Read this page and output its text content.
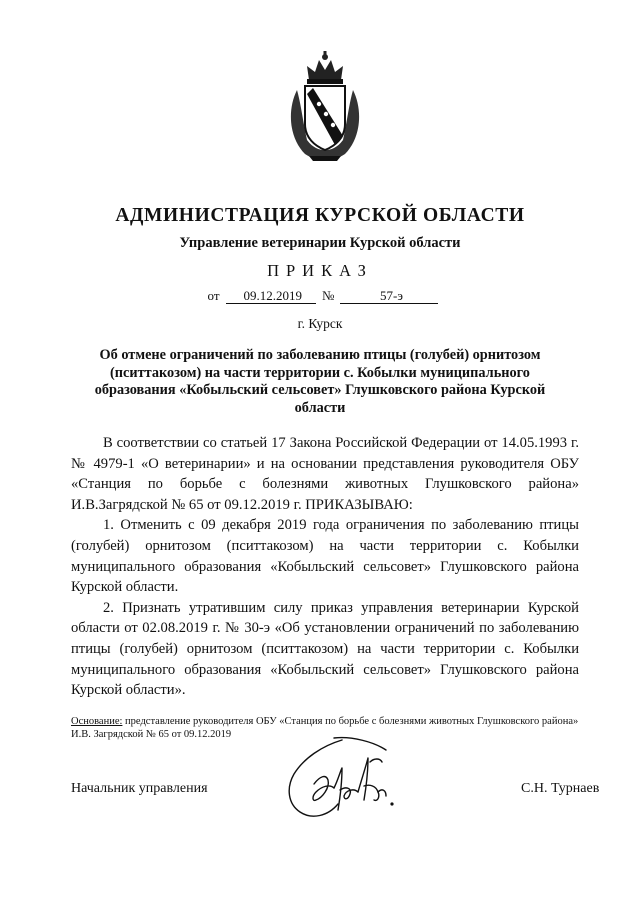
АДМИНИСТРАЦИЯ КУРСКОЙ ОБЛАСТИ
Управление ветеринарии Курской области
ПРИКАЗ
от 09.12.2019 №	57-э
г. Курск
Об отмене ограничений по заболеванию птицы (голубей) орнитозом (пситтакозом) на части территории с. Кобылки муниципального образования «Кобыльский сельсовет» Глушковского района Курской области

В соответствии со статьей 17 Закона Российской Федерации от 14.05.1993 г. № 4979-1 «О ветеринарии» и на основании представления руководителя ОБУ «Станция по борьбе с болезнями животных Глушковского района» И.В.Загрядской № 65 от 09.12.2019 г. ПРИКАЗЫВАЮ:

1. Отменить с 09 декабря 2019 года ограничения по заболеванию птицы (голубей) орнитозом (пситтакозом) на части территории с. Кобылки муниципального образования «Кобыльский сельсовет» Глушковского района Курской области.

2. Признать утратившим силу приказ управления ветеринарии Курской области от 02.08.2019 г. № 30-э «Об установлении ограничений по заболеванию птицы (голубей) орнитозом (пситтакозом) на части территории с. Кобылки муниципального образования «Кобыльский сельсовет» Глушковского района Курской области».

Основание: представление руководителя ОБУ «Станция по борьбе с болезнями животных Глушковского района»
И.В. Загрядской № 65 от 09.12.2019
Начальник управления	С.Н. Турнаев
